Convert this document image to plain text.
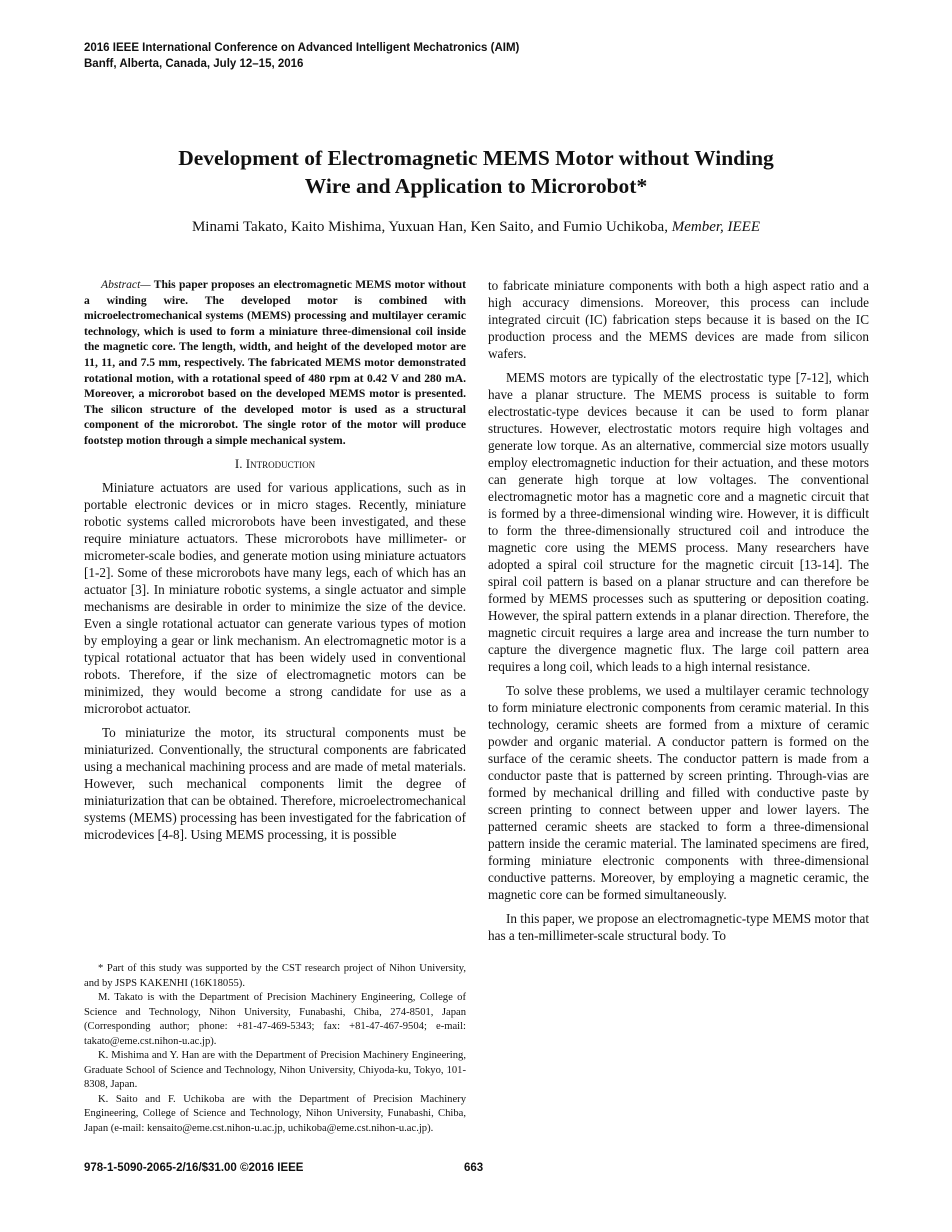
2016 IEEE International Conference on Advanced Intelligent Mechatronics (AIM)
Banff, Alberta, Canada, July 12–15, 2016
Development of Electromagnetic MEMS Motor without Winding
Wire and Application to Microrobot*
Minami Takato, Kaito Mishima, Yuxuan Han, Ken Saito, and Fumio Uchikoba, Member, IEEE

Abstract— This paper proposes an electromagnetic MEMS motor without a winding wire. The developed motor is combined with microelectromechanical systems (MEMS) processing and multilayer ceramic technology, which is used to form a miniature three-dimensional coil inside the magnetic core. The length, width, and height of the developed motor are 11, 11, and 7.5 mm, respectively. The fabricated MEMS motor demonstrated rotational motion, with a rotational speed of 480 rpm at 0.42 V and 280 mA. Moreover, a microrobot based on the developed MEMS motor is presented. The silicon structure of the developed motor is used as a structural component of the microrobot. The single rotor of the motor will produce footstep motion through a simple mechanical system.

I. Introduction

Miniature actuators are used for various applications, such as in portable electronic devices or in micro stages. Recently, miniature robotic systems called microrobots have been investigated, and these require miniature actuators. These microrobots have millimeter- or micrometer-scale bodies, and generate motion using miniature actuators [1-2]. Some of these microrobots have many legs, each of which has an actuator [3]. In miniature robotic systems, a single actuator and simple mechanisms are desirable in order to minimize the size of the device. Even a single rotational actuator can generate various types of motion by employing a gear or link mechanism. An electromagnetic motor is a typical rotational actuator that has been widely used in conventional robots. Therefore, if the size of electromagnetic motors can be minimized, they would become a strong candidate for use as a microrobot actuator.

To miniaturize the motor, its structural components must be miniaturized. Conventionally, the structural components are fabricated using a mechanical machining process and are made of metal materials. However, such mechanical components limit the degree of miniaturization that can be obtained. Therefore, microelectromechanical systems (MEMS) processing has been investigated for the fabrication of microdevices [4-8]. Using MEMS processing, it is possible

* Part of this study was supported by the CST research project of Nihon University, and by JSPS KAKENHI (16K18055).

M. Takato is with the Department of Precision Machinery Engineering, College of Science and Technology, Nihon University, Funabashi, Chiba, 274-8501, Japan (Corresponding author; phone: +81-47-469-5343; fax: +81-47-467-9504; e-mail: takato@eme.cst.nihon-u.ac.jp).

K. Mishima and Y. Han are with the Department of Precision Machinery Engineering, Graduate School of Science and Technology, Nihon University, Chiyoda-ku, Tokyo, 101-8308, Japan.

K. Saito and F. Uchikoba are with the Department of Precision Machinery Engineering, College of Science and Technology, Nihon University, Funabashi, Chiba, Japan (e-mail: kensaito@eme.cst.nihon-u.ac.jp, uchikoba@eme.cst.nihon-u.ac.jp).

to fabricate miniature components with both a high aspect ratio and a high accuracy dimensions. Moreover, this process can include integrated circuit (IC) fabrication steps because it is based on the IC production process and the MEMS devices are made from silicon wafers.

MEMS motors are typically of the electrostatic type [7-12], which have a planar structure. The MEMS process is suitable to form electrostatic-type devices because it can be used to form planar structures. However, electrostatic motors require high voltages and generate low torque. As an alternative, commercial size motors usually employ electromagnetic induction for their actuation, and these motors can generate high torque at low voltages. The conventional electromagnetic motor has a magnetic core and a magnetic circuit that is formed by a three-dimensional winding wire. However, it is difficult to form the three-dimensionally structured coil and introduce the magnetic core using the MEMS process. Many researchers have adopted a spiral coil structure for the magnetic circuit [13-14]. The spiral coil pattern is based on a planar structure and can therefore be formed by MEMS processes such as sputtering or deposition coating. However, the spiral pattern extends in a planar direction. Therefore, the magnetic circuit requires a large area and increase the turn number to capture the divergence magnetic flux. The large coil pattern area requires a long coil, which leads to a high internal resistance.

To solve these problems, we used a multilayer ceramic technology to form miniature electronic components from ceramic material. In this technology, ceramic sheets are formed from a mixture of ceramic powder and organic material. A conductor pattern is formed on the surface of the ceramic sheets. The conductor pattern is made from a conductor paste that is patterned by screen printing. Through-vias are formed by mechanical drilling and filled with conductive paste by screen printing to connect between upper and lower layers. The patterned ceramic sheets are stacked to form a three-dimensional pattern inside the ceramic material. The laminated specimens are fired, forming miniature electronic components with three-dimensional conductive patterns. Moreover, by employing a magnetic ceramic, the magnetic core can be formed simultaneously.

In this paper, we propose an electromagnetic-type MEMS motor that has a ten-millimeter-scale structural body. To

978-1-5090-2065-2/16/$31.00 ©2016 IEEE	663
